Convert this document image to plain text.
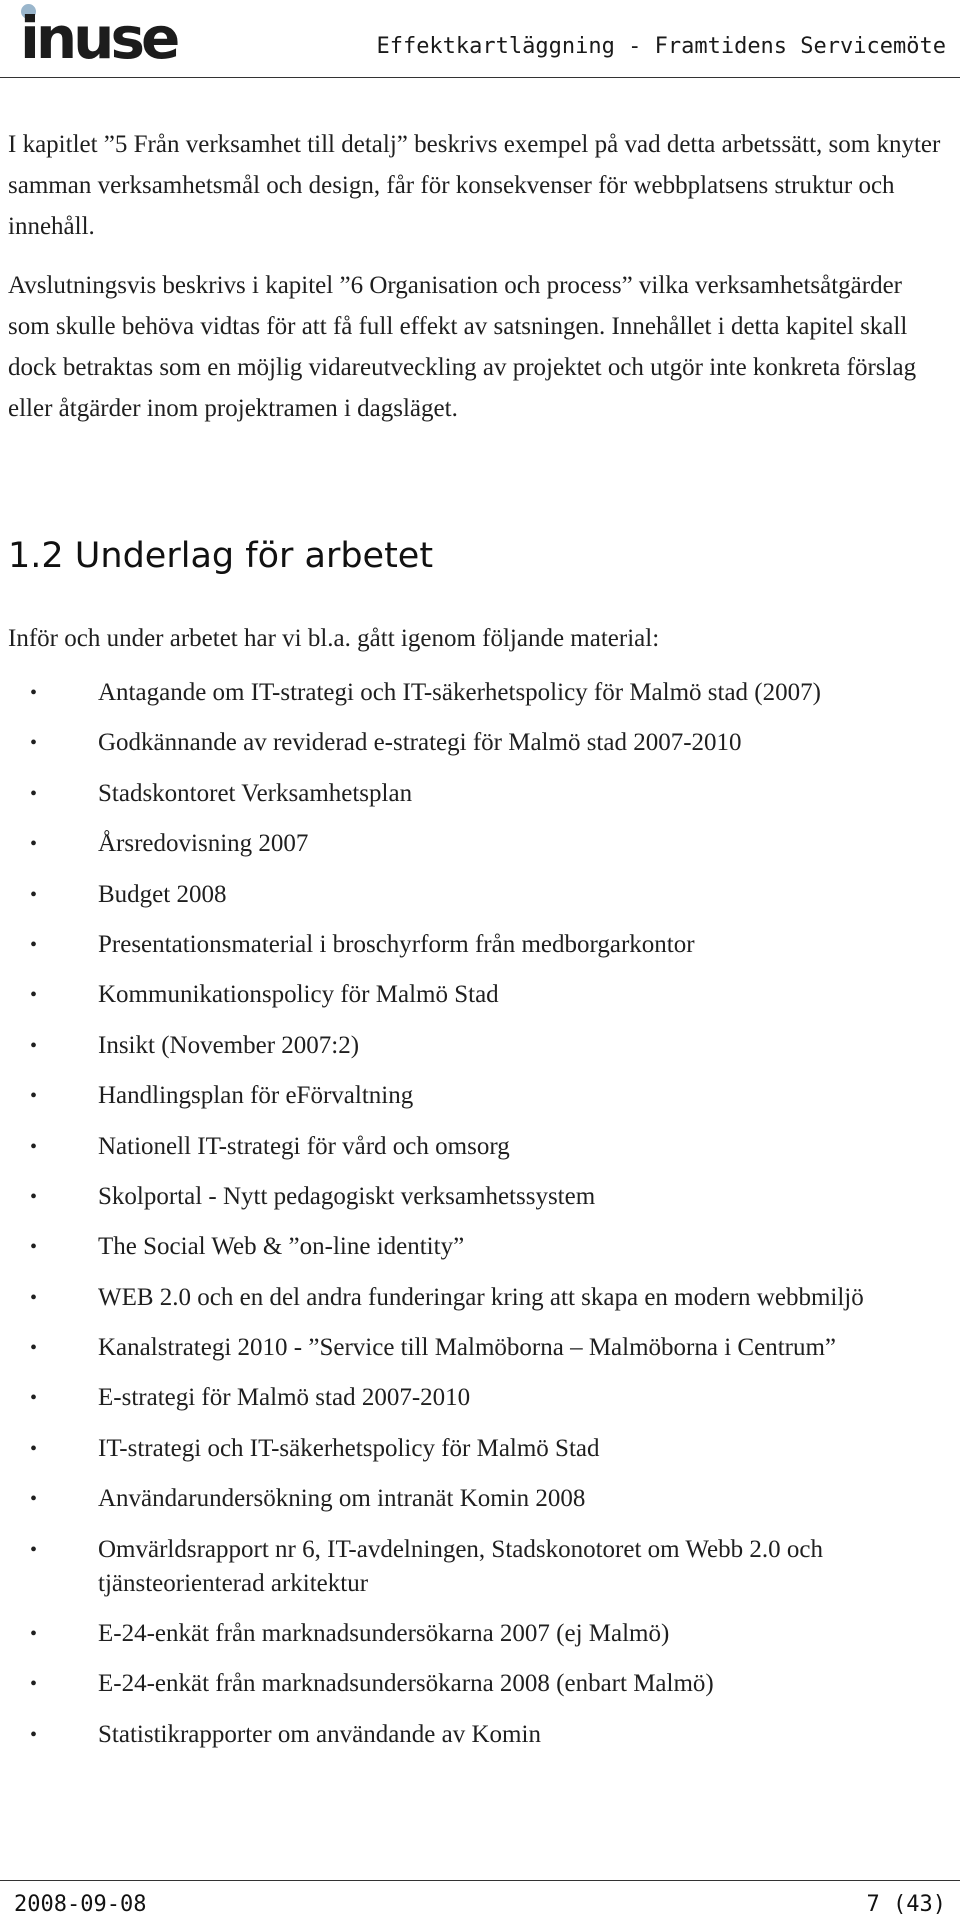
inuse	Effektkartläggning - Framtidens Servicemöte

I kapitlet ”5 Från verksamhet till detalj” beskrivs exempel på vad detta arbetssätt, som knyter samman verksamhetsmål och design, får för konsekvenser för webbplatsens struktur och innehåll.

Avslutningsvis beskrivs i kapitel ”6 Organisation och process” vilka verksamhetsåtgärder som skulle behöva vidtas för att få full effekt av satsningen. Innehållet i detta kapitel skall dock betraktas som en möjlig vidareutveckling av projektet och utgör inte konkreta förslag eller åtgärder inom projektramen i dagsläget.

1.2 Underlag för arbetet

Inför och under arbetet har vi bl.a. gått igenom följande material:

• Antagande om IT-strategi och IT-säkerhetspolicy för Malmö stad (2007)
• Godkännande av reviderad e-strategi för Malmö stad 2007-2010
• Stadskontoret Verksamhetsplan
• Årsredovisning 2007
• Budget 2008
• Presentationsmaterial i broschyrform från medborgarkontor
• Kommunikationspolicy för Malmö Stad
• Insikt (November 2007:2)
• Handlingsplan för eFörvaltning
• Nationell IT-strategi för vård och omsorg
• Skolportal - Nytt pedagogiskt verksamhetssystem
• The Social Web & ”on-line identity”
• WEB 2.0 och en del andra funderingar kring att skapa en modern webbmiljö
• Kanalstrategi 2010 - ”Service till Malmöborna – Malmöborna i Centrum”
• E-strategi för Malmö stad 2007-2010
• IT-strategi och IT-säkerhetspolicy för Malmö Stad
• Användarundersökning om intranät Komin 2008
• Omvärldsrapport nr 6, IT-avdelningen, Stadskonotoret om Webb 2.0 och tjänsteorienterad arkitektur
• E-24-enkät från marknadsundersökarna 2007 (ej Malmö)
• E-24-enkät från marknadsundersökarna 2008 (enbart Malmö)
• Statistikrapporter om användande av Komin
2008-09-08	7 (43)
